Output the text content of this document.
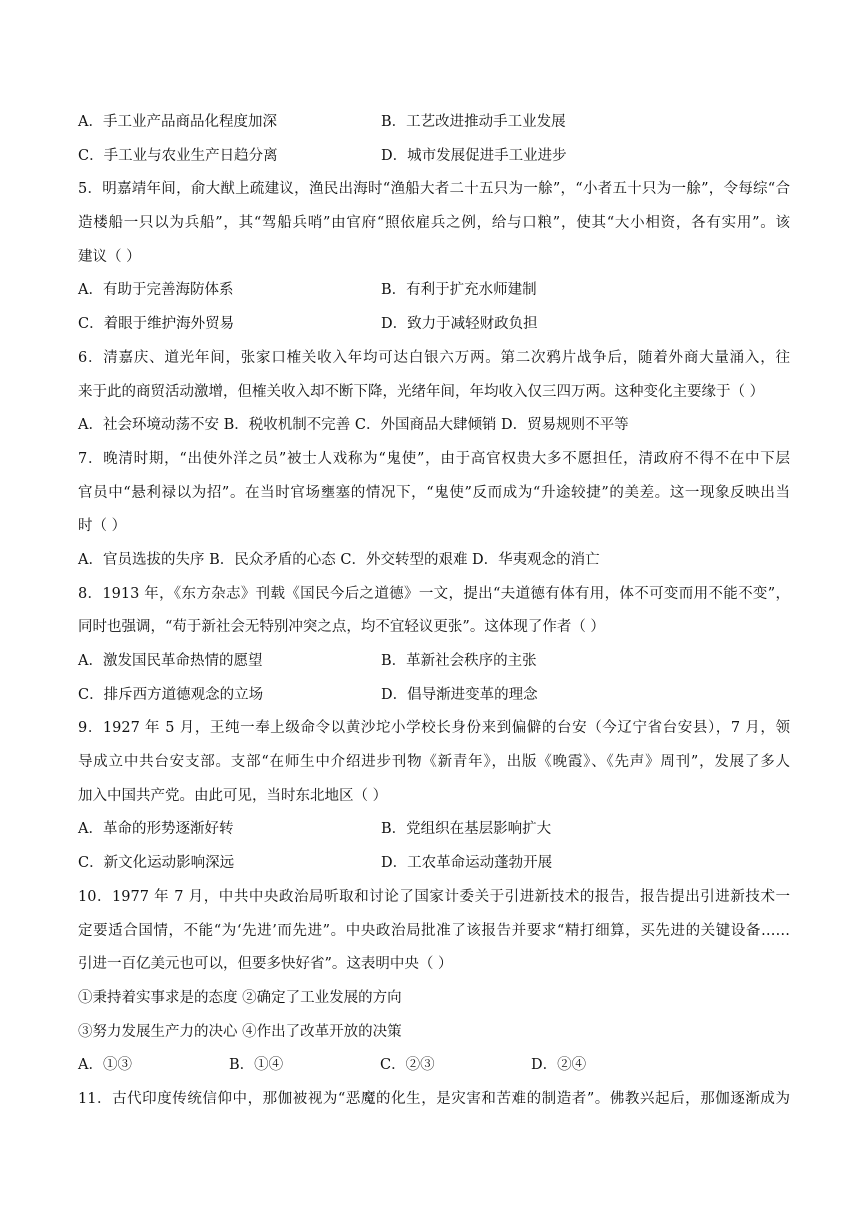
A．手工业产品商品化程度加深	B．工艺改进推动手工业发展
C．手工业与农业生产日趋分离	D．城市发展促进手工业进步
5．明嘉靖年间，俞大猷上疏建议，渔民出海时“渔船大者二十五只为一艅”，“小者五十只为一艅”，令每综“合
造楼船一只以为兵船”，其“驾船兵哨”由官府“照依雇兵之例，给与口粮”，使其“大小相资，各有实用”。该
建议（ ）
A．有助于完善海防体系	B．有利于扩充水师建制
C．着眼于维护海外贸易	D．致力于减轻财政负担
6．清嘉庆、道光年间，张家口榷关收入年均可达白银六万两。第二次鸦片战争后，随着外商大量涌入，往
来于此的商贸活动激增，但榷关收入却不断下降，光绪年间，年均收入仅三四万两。这种变化主要缘于（ ）
A．社会环境动荡不安 B．税收机制不完善 C．外国商品大肆倾销 D．贸易规则不平等
7．晚清时期，“出使外洋之员”被士人戏称为“鬼使”，由于高官权贵大多不愿担任，清政府不得不在中下层
官员中“悬利禄以为招”。在当时官场壅塞的情况下，“鬼使”反而成为“升途较捷”的美差。这一现象反映出当
时（ ）
A．官员选拔的失序 B．民众矛盾的心态 C．外交转型的艰难 D．华夷观念的消亡
8．1913 年，《东方杂志》刊载《国民今后之道德》一文，提出“夫道德有体有用，体不可变而用不能不变”，
同时也强调，“苟于新社会无特别冲突之点，均不宜轻议更张”。这体现了作者（ ）
A．激发国民革命热情的愿望	B．革新社会秩序的主张
C．排斥西方道德观念的立场	D．倡导渐进变革的理念
9．1927 年 5 月，王纯一奉上级命令以黄沙坨小学校长身份来到偏僻的台安（今辽宁省台安县），7 月，领
导成立中共台安支部。支部“在师生中介绍进步刊物《新青年》，出版《晚霞》、《先声》周刊”，发展了多人
加入中国共产党。由此可见，当时东北地区（ ）
A．革命的形势逐渐好转	B．党组织在基层影响扩大
C．新文化运动影响深远	D．工农革命运动蓬勃开展
10．1977 年 7 月，中共中央政治局听取和讨论了国家计委关于引进新技术的报告，报告提出引进新技术一
定要适合国情，不能“为‘先进’而先进”。中央政治局批准了该报告并要求“精打细算，买先进的关键设备……
引进一百亿美元也可以，但要多快好省”。这表明中央（ ）
①秉持着实事求是的态度 ②确定了工业发展的方向
③努力发展生产力的决心 ④作出了改革开放的决策
A．①③	B．①④	C．②③	D．②④
11．古代印度传统信仰中，那伽被视为“恶魔的化生，是灾害和苦难的制造者”。佛教兴起后，那伽逐渐成为
